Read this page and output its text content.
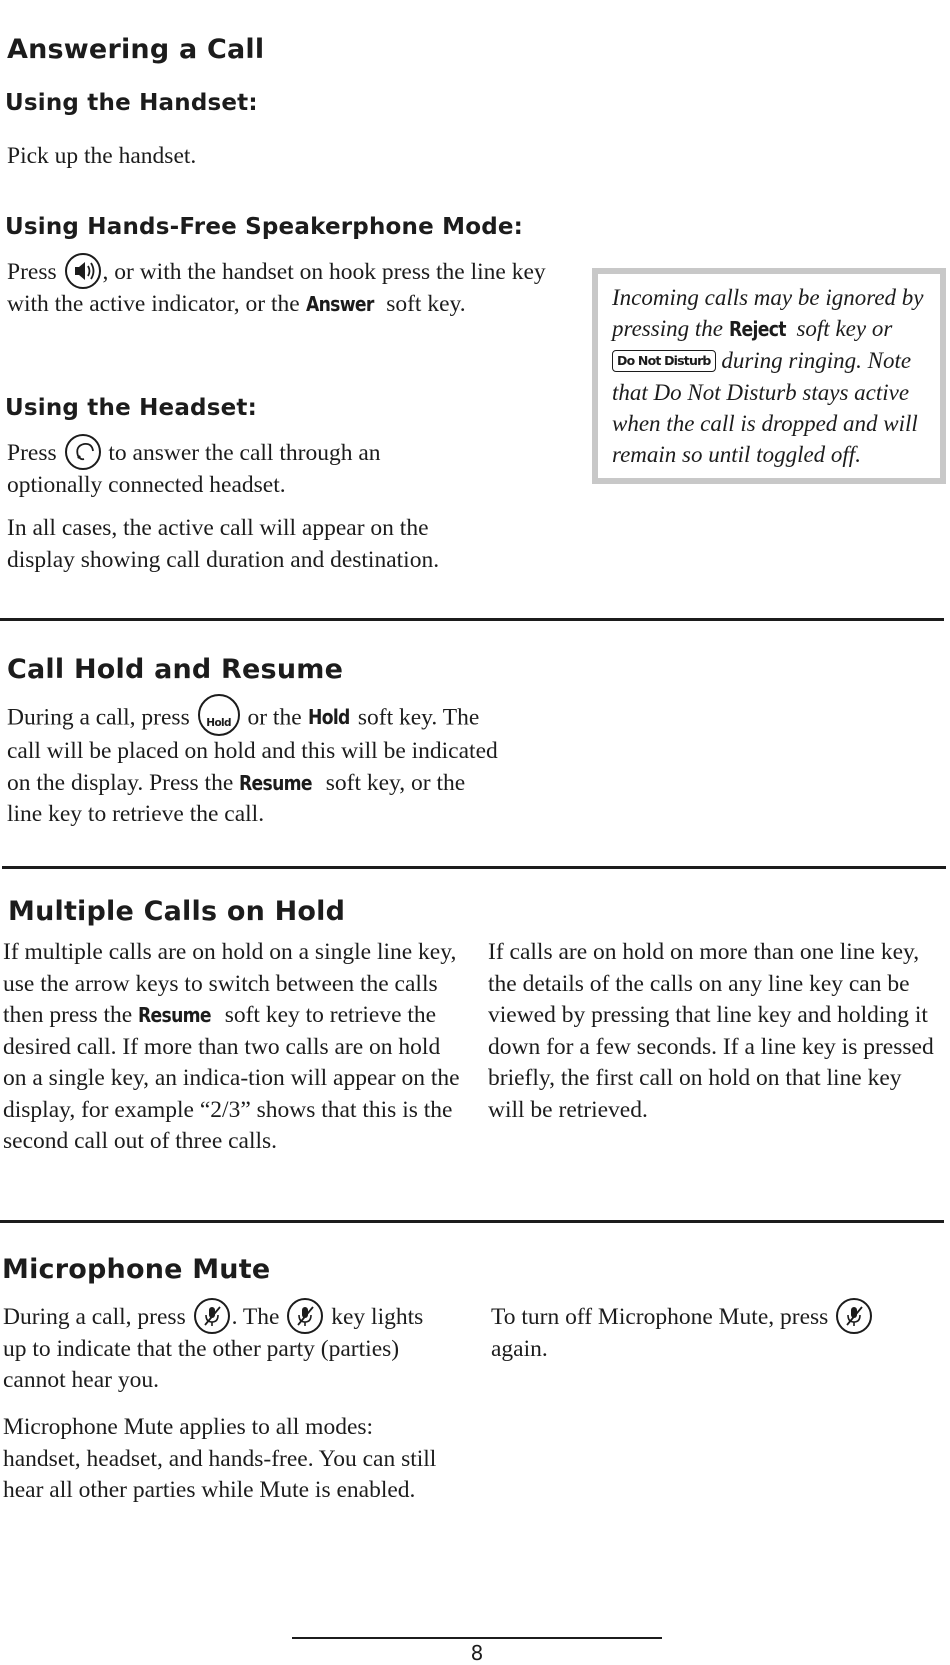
Answering a Call
Using the Handset:

Pick up the handset.

Using Hands-Free Speakerphone Mode:

Press
, or with the handset on hook press the line key with the active indicator, or the Answer soft key.

Using the Headset:

Press
to answer the call through an optionally connected headset.

In all cases, the active call will appear on the display showing call duration and destination.

Incoming calls may be ignored by pressing the Reject soft key or Do Not Disturb during ringing. Note that Do Not Disturb stays active when the call is dropped and will remain so until toggled off.

Call Hold and Resume

During a call, press	Hold or the Hold soft key. The call will be placed on hold and this will be indicated on the display. Press the Resume soft key, or the line key to retrieve the call.

Multiple Calls on Hold

If multiple calls are on hold on a single line key, use the arrow keys to switch between the calls then press the Resume soft key to retrieve the desired call. If more than two calls are on hold on a single key, an indica-tion will appear on the display, for example “2/3” shows that this is the second call out of three calls.

If calls are on hold on more than one line key, the details of the calls on any line key can be viewed by pressing that line key and holding it down for a few seconds. If a line key is pressed briefly, the first call on hold on that line key will be retrieved.

Microphone Mute

During a call, press
. The
key lights up to indicate that the other party (parties) cannot hear you.

Microphone Mute applies to all modes: handset, headset, and hands-free. You can still hear all other parties while Mute is enabled.

To turn off Microphone Mute, press
again.

8
